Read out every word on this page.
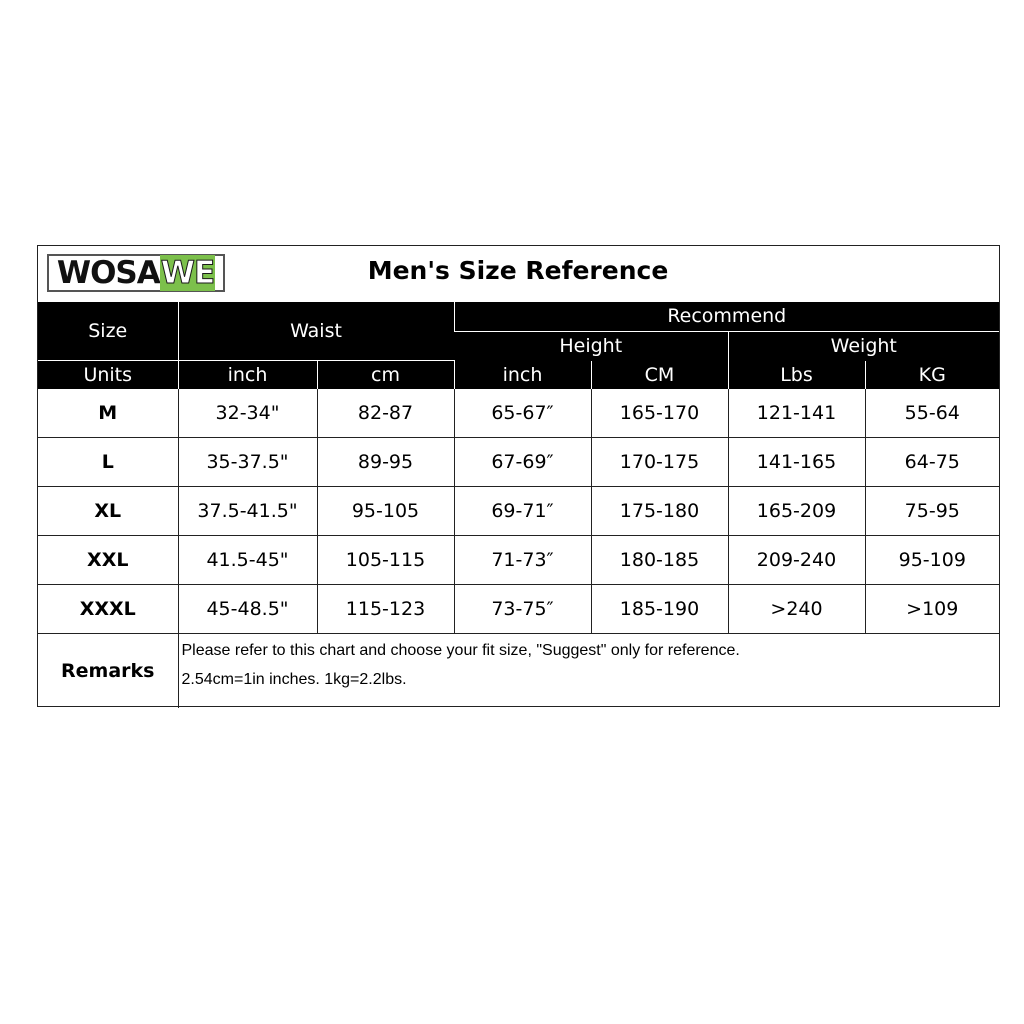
WOSA WE	Men's Size Reference
Size	Waist		Recommend			
			Height		Weight	
Units	inch	cm	inch	CM	Lbs	KG
M	32-34"	82-87	65-67″	165-170	121-141	55-64
L	35-37.5"	89-95	67-69″	170-175	141-165	64-75
XL	37.5-41.5"	95-105	69-71″	175-180	165-209	75-95
XXL	41.5-45"	105-115	71-73″	180-185	209-240	95-109
XXXL	45-48.5"	115-123	73-75″	185-190	>240	>109
Remarks	Please refer to this chart and choose your fit size, "Suggest" only for reference.
2.54cm=1in inches. 1kg=2.2lbs.					
